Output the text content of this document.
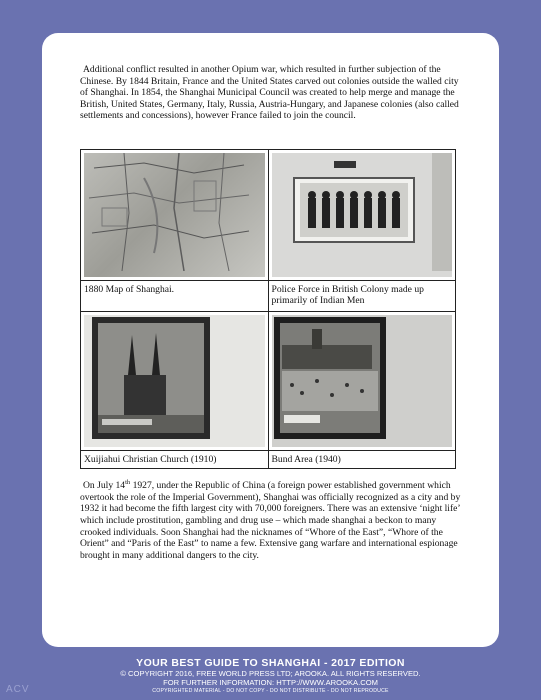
Additional conflict resulted in another Opium war, which resulted in further subjection of the Chinese. By 1844 Britain, France and the United States carved out colonies outside the walled city of Shanghai. In 1854, the Shanghai Municipal Council was created to help merge and manage the British, United States, Germany, Italy, Russia, Austria-Hungary, and Japanese colonies (also called settlements and concessions), however France failed to join the council.

1880 Map of Shanghai.	Police Force in British Colony made up primarily of Indian Men

Xuijiahui Christian Church (1910)	Bund Area (1940)

On July 14th 1927, under the Republic of China (a foreign power established government which overtook the role of the Imperial Government), Shanghai was officially recognized as a city and by 1932 it had become the fifth largest city with 70,000 foreigners. There was an extensive ‘night life’ which include prostitution, gambling and drug use – which made shanghai a beckon to many crooked individuals. Soon Shanghai had the nicknames of “Whore of the East”, “Whore of the Orient” and “Paris of the East” to name a few. Extensive gang warfare and international espionage brought in many additional dangers to the city.

YOUR BEST GUIDE TO SHANGHAI - 2017 EDITION
© COPYRIGHT 2016, FREE WORLD PRESS LTD; AROOKA. ALL RIGHTS RESERVED.
FOR FURTHER INFORMATION: HTTP://WWW.AROOKA.COM
COPYRIGHTED MATERIAL - DO NOT COPY - DO NOT DISTRIBUTE - DO NOT REPRODUCE
ACV
